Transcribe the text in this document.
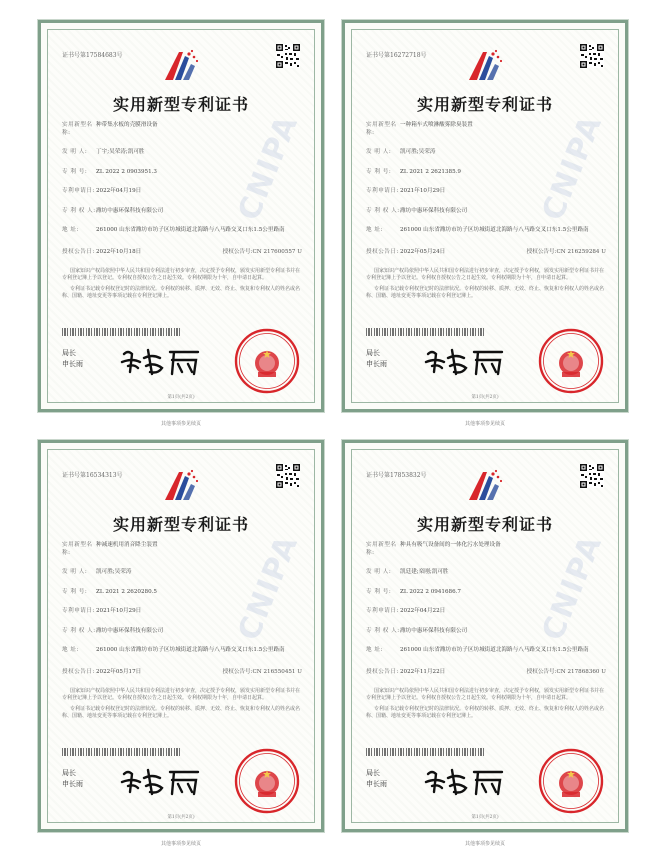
CNIPA
证书号第17584683号
实用新型专利证书
实用新型名称:
种带集水板的壳膜滑设备
发 明 人:	丁宇;吴荣涛;凯可胜
专 利 号:	ZL 2022 2 0903951.3
专利申请日: 2022年04月19日
专 利 权 人: 潍坊中惠环保科技有限公司
地 址:	261000 山东省潍坊市坊子区坊城街道北海路与八马路交叉口东1.5公里路南
授权公告日: 2022年10月18日	授权公告号:CN 217600557 U

国家知识产权局依照中华人民共和国专利法进行初步审查，决定授予专利权，颁发实用新型专利证书并在专利登记簿上予以登记。专利权自授权公告之日起生效。专利权期限为十年，自申请日起算。

专利证书记载专利权登记时的法律状况。专利权的转移、质押、无效、终止、恢复和专利权人的姓名或名称、国籍、地址变更等事项记载在专利登记簿上。

局长
申长雨
第1页(共2页)
其他事项参见续页
CNIPA
证书号第16272718号
实用新型专利证书
实用新型名称:
一种箱车式喷淋酸雾除臭装置
发 明 人:	凯可胜;吴荣涛
专 利 号:	ZL 2021 2 2621385.9
专利申请日: 2021年10月29日
专 利 权 人: 潍坊中惠环保科技有限公司
地 址:	261000 山东省潍坊市坊子区坊城街道北海路与八马路交叉口东1.5公里路南
授权公告日: 2022年05月24日	授权公告号:CN 216259284 U

国家知识产权局依照中华人民共和国专利法进行初步审查，决定授予专利权，颁发实用新型专利证书并在专利登记簿上予以登记。专利权自授权公告之日起生效。专利权期限为十年，自申请日起算。

专利证书记载专利权登记时的法律状况。专利权的转移、质押、无效、终止、恢复和专利权人的姓名或名称、国籍、地址变更等事项记载在专利登记簿上。

局长
申长雨
第1页(共2页)
其他事项参见续页
CNIPA
证书号第16534313号
实用新型专利证书
实用新型名称:
种减速机用消音降尘装置
发 明 人:	凯可胜;吴荣涛
专 利 号:	ZL 2021 2 2620280.5
专利申请日: 2021年10月29日
专 利 权 人: 潍坊中惠环保科技有限公司
地 址:	261000 山东省潍坊市坊子区坊城街道北海路与八马路交叉口东1.5公里路南
授权公告日: 2022年05月17日	授权公告号:CN 216550451 U

国家知识产权局依照中华人民共和国专利法进行初步审查，决定授予专利权，颁发实用新型专利证书并在专利登记簿上予以登记。专利权自授权公告之日起生效。专利权期限为十年，自申请日起算。

专利证书记载专利权登记时的法律状况。专利权的转移、质押、无效、终止、恢复和专利权人的姓名或名称、国籍、地址变更等事项记载在专利登记簿上。

局长
申长雨
第1页(共2页)
其他事项参见续页
CNIPA
证书号第17853832号
实用新型专利证书
实用新型名称:
种具有吸气设备间的一体化污水处理设备
发 明 人:	凯廷建;栾刚;凯可胜
专 利 号:	ZL 2022 2 0941686.7
专利申请日: 2022年04月22日
专 利 权 人: 潍坊中惠环保科技有限公司
地 址:	261000 山东省潍坊市坊子区坊城街道北海路与八马路交叉口东1.5公里路南
授权公告日: 2022年11月22日	授权公告号:CN 217868360 U

国家知识产权局依照中华人民共和国专利法进行初步审查，决定授予专利权，颁发实用新型专利证书并在专利登记簿上予以登记。专利权自授权公告之日起生效。专利权期限为十年，自申请日起算。

专利证书记载专利权登记时的法律状况。专利权的转移、质押、无效、终止、恢复和专利权人的姓名或名称、国籍、地址变更等事项记载在专利登记簿上。

局长
申长雨
第1页(共2页)
其他事项参见续页
